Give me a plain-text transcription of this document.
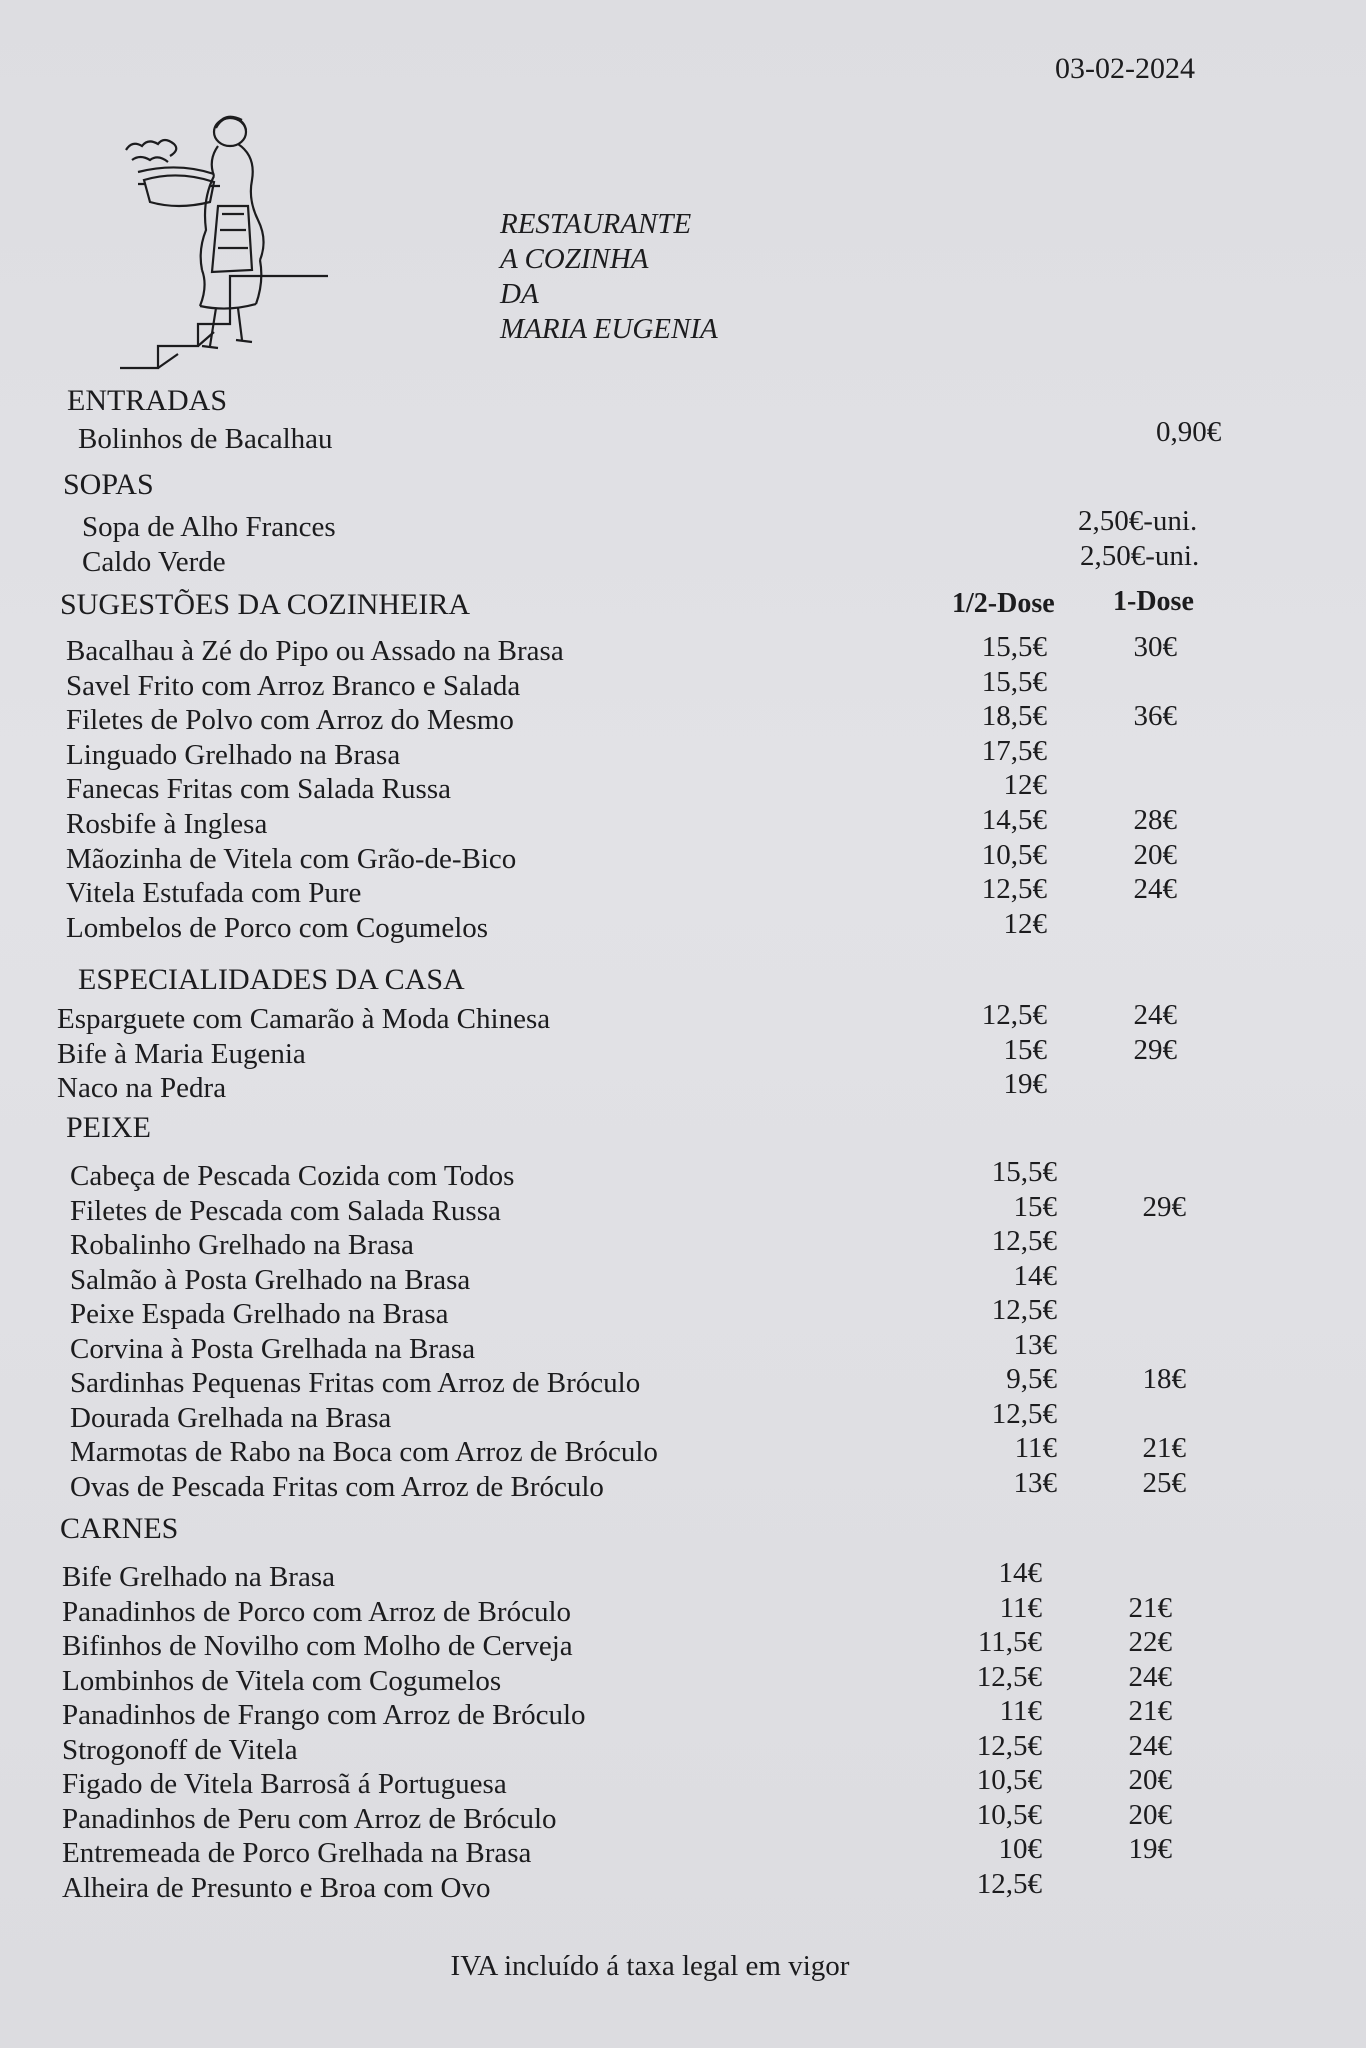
03-02-2024
RESTAURANTE
A COZINHA
DA
MARIA EUGENIA
ENTRADAS
Bolinhos de Bacalhau	0,90€
SOPAS
Sopa de Alho Frances	2,50€-uni.
Caldo Verde	2,50€-uni.
SUGESTÕES DA COZINHEIRA	1/2-Dose 1-Dose
Bacalhau à Zé do Pipo ou Assado na Brasa	15,5€	30€
Savel Frito com Arroz Branco e Salada	15,5€
Filetes de Polvo com Arroz do Mesmo	18,5€	36€
Linguado Grelhado na Brasa	17,5€
Fanecas Fritas com Salada Russa	12€
Rosbife à Inglesa	14,5€	28€
Mãozinha de Vitela com Grão-de-Bico	10,5€	20€
Vitela Estufada com Pure	12,5€	24€
Lombelos de Porco com Cogumelos	12€
ESPECIALIDADES DA CASA
Esparguete com Camarão à Moda Chinesa	12,5€	24€
Bife à Maria Eugenia	15€	29€
Naco na Pedra	19€
PEIXE
Cabeça de Pescada Cozida com Todos	15,5€
Filetes de Pescada com Salada Russa	15€	29€
Robalinho Grelhado na Brasa	12,5€
Salmão à Posta Grelhado na Brasa	14€
Peixe Espada Grelhado na Brasa	12,5€
Corvina à Posta Grelhada na Brasa	13€
Sardinhas Pequenas Fritas com Arroz de Bróculo	9,5€	18€
Dourada Grelhada na Brasa	12,5€
Marmotas de Rabo na Boca com Arroz de Bróculo	11€	21€
Ovas de Pescada Fritas com Arroz de Bróculo	13€	25€
CARNES
Bife Grelhado na Brasa	14€
Panadinhos de Porco com Arroz de Bróculo	11€	21€
Bifinhos de Novilho com Molho de Cerveja	11,5€	22€
Lombinhos de Vitela com Cogumelos	12,5€	24€
Panadinhos de Frango com Arroz de Bróculo	11€	21€
Strogonoff de Vitela	12,5€	24€
Figado de Vitela Barrosã á Portuguesa	10,5€	20€
Panadinhos de Peru com Arroz de Bróculo	10,5€	20€
Entremeada de Porco Grelhada na Brasa	10€	19€
Alheira de Presunto e Broa com Ovo	12,5€
IVA incluído á taxa legal em vigor
